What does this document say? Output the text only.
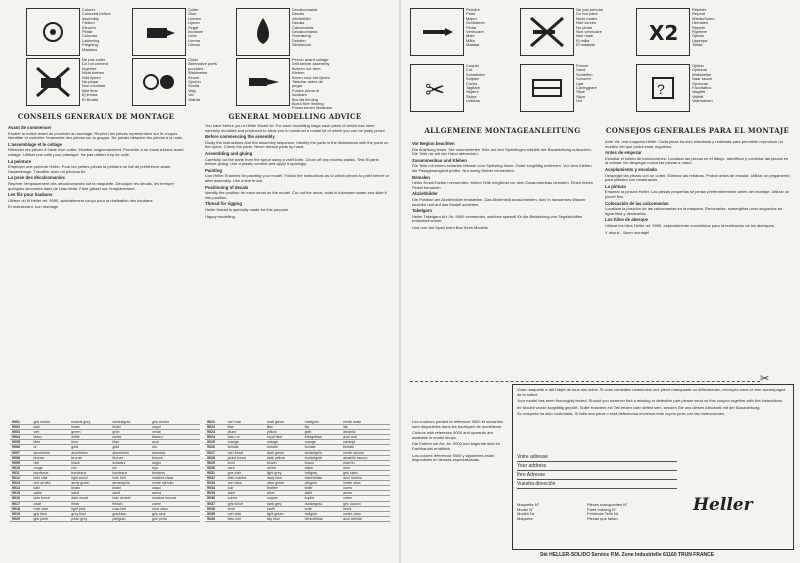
Colorer
Coloured before assembly
Färben
Kleuren
Pintar
Colorare
Lakkering
Färgning
Maalaus
Coller
Glue
Leimen
Lijmen
Pegar
Incollare
Lime
Limma
Liimaa
Decalcomanie
Decals
Abziehbild
Decals
Calcomania
Decalcomania
Overføring
Dekaler
Siirtokuvat
Ne pas coller
Do not cement together
Nicht kleben
Niet lijmen
No pegar
Non incollare
Ikke lime
Ej limma
Ei liimata
Choix
Alternative parts provided
Wahlweise
Keuze
Opción
Scelta
Valg
Val
Valinta
Percer avant collage
Drill before assembly
Bohren vor dem Kleben
Boren voor het lijmen
Taladrar antes de pegar
Forare prima di incollare
Bor før limning
Borra före limning
Poraa ennen liimausta
CONSEILS GENERAUX DE MONTAGE	GENERAL MODELLING ADVICE
Avant de commencer

Etudier la notice avant de procéder au montage. Repérer les pièces représentées sur le croquis. Identifier et contrôler l'ensemble des pièces sur la grappe. Ne jamais détacher les pièces à la main.

L'assemblage et le collage

Détacher les pièces à l'aide d'un cutter. Ebarber soigneusement. Procéder à un essai à blanc avant collage. Utiliser une colle pour plastique. Ne pas utiliser trop de colle.

La peinture

Employer une peinture Heller. Pour les petites pièces la peinture se fait de préférence avant l'assemblage. Travailler avec un pinceau fin.

La pose des décalcomanies

Repérer l'emplacement des décalcomanies sur la maquette. Découper les décals, les tremper quelques secondes dans de l'eau tiède. Faire glisser sur l'emplacement.

Les fils pour haubans

Utiliser du fil Heller ref. 9090, spécialement conçu pour la réalisation des haubans.

Et maintenant, bon montage

You have before you a Heller Model kit. For each modelling stage each piece of which has been carefully moulded and produced to allow you to construct a model kit of which you can be justly proud.

Before commencing the assembly

Study the instructions and the assembly sequence. Identify the parts in the illustrations with the parts on the sprue. Check the parts. Never detach parts by hand.

Assembling and gluing

Carefully cut the parts from the sprue using a craft knife. Clean off any excess plastic. Test fit parts before gluing. Use a plastic cement and apply it sparingly.

Painting

Use Heller Enamels for painting your model. Follow the instructions as to which pieces to paint before or after assembly. Use a fine brush.

Positioning of decals

Identify the position for each decal on the model. Cut out the decal, soak in lukewarm water and slide it into position.

Thread for rigging

Heller thread is specially made for this purpose.

Happy modelling

9001	gris neutre	neutral grey	neutralgrau	gris neutro
9002	kaki	khaki	khaki	caqui
9003	vert	green	grün	verde
9004	blanc	white	weiss	blanco
9005	bleu	blue	blau	azul
9006	or	gold	gold	oro
9007	aluminium	aluminium	aluminium	aluminio
9008	bronze	bronze	bronze	bronce
9009	noir	black	schwarz	negro
9010	rouge	red	rot	rojo
9011	bordeaux	bordeaux	bordeaux	burdeos
9012	bois clair	light wood	holz hell	madera clara
9013	vert armée	army green	armeegrün	verde ejército
9014	kaki	khaki	khaki	caqui
9015	sable	sand	sand	arena
9016	bois foncé	dark wood	holz dunkel	madera oscura
9017	chair	flesh	fleisch	carne
9018	rose clair	light pink	rosa hell	rosa claro
9019	gris bleu	grey blue	graublau	gris azul
9020	gris perle	pearl grey	perlgrau	gris perla
9021	vert mat	matt green	mattgrün	verde mate
9022	lilas	lilac	lila	lila
9023	jaune	yellow	gelb	amarillo
9024	bleu roi	royal blue	königsblau	azul real
9025	orange	orange	orange	naranja
9026	tomate	tomato	tomate	tomate
9027	vert foncé	dark green	dunkelgrün	verde oscuro
9028	jaune foncé	dark yellow	dunkelgelb	amarillo oscuro
9029	brun	brown	braun	marrón
9030	ocre	ochre	ocker	ocre
9031	gris clair	light grey	hellgrau	gris claro
9032	bleu marine	navy blue	marineblau	azul marino
9033	vert olive	olive green	olivgrün	verde oliva
9034	cuir	leather	leder	cuero
9035	acier	steel	stahl	acero
9036	cuivre	copper	kupfer	cobre
9037	gris foncé	dark grey	dunkelgrau	gris oscuro
9038	terre	earth	erde	tierra
9039	vert clair	light green	hellgrün	verde claro
9040	bleu ciel	sky blue	himmelblau	azul celeste
Peindre
Paint
Malen
Schilderen
Pintar
Verniciare
Male
Måla
Maalaa
Ne pas peindre
Do not paint
Nicht malen
Niet verven
No pintar
Non verniciare
Ikke male
Ej måla
Ei maalata	X2
Répéter
Repeat
Wiederholen
Herhalen
Repetir
Ripetere
Gjenta
Upprepa
Toista
✂
Couper
Cut
Schneiden
Snijden
Cortar
Tagliare
Skjære
Skära
Leikkaa
Poncer
Sand
Schleifen
Schuren
Lijar
Carteggiare
Slipe
Slipa
Hio
?
Option
Optional
Wahlweise
Naar keuze
Opcional
Facoltativo
Valgfritt
Valfritt
Valinnainen
ALLGEMEINE MONTAGEANLEITUNG	CONSEJOS GENERALES PARA EL MONTAJE
Vor Beginn beachten

Die Anleitung lesen. Die nummerierten Teile auf den Spritzlingen mithilfe der Bauanleitung aufsuchen. Die Teile nie mit der Hand abbrechen.

Zusammenbau und Kleben

Die Teile mit einem scharfen Messer vom Spritzling lösen. Grate sorgfältig entfernen. Vor dem Kleben die Passgenauigkeit prüfen. Nur wenig Kleber verwenden.

Bemalen

Heller Email-Farben verwenden. Kleine Teile möglichst vor dem Zusammenbau bemalen. Einen feinen Pinsel benutzen.

Abziehbilder

Die Position der Abziehbilder feststellen. Das Abziehbild ausschneiden, kurz in lauwarmes Wasser tauchen und auf das Modell schieben.

Takelgarn

Heller Takelgarn Art.-Nr. 9090 verwenden, welches speziell für die Betakelung von Segelschiffen entwickelt wurde.

Und nun viel Spaß beim Bau Ihres Modells

Ante Vd. una maqueta Heller. Cada pieza ha sido estudiada y realizada para permitirle reproducir un modelo del que podrá estar orgulloso.

Antes de empezar

Estudiar el folleto de instrucciones. Localizar las piezas en el dibujo. Identificar y controlar las piezas en la colada. No despegar nunca las piezas a mano.

Acoplamiento y encolado

Despegar las piezas con un cutter. Eliminar las rebabas. Probar antes de encolar. Utilizar un pegamento para plástico con moderación.

La pintura

Emplear la pintura Heller. Las piezas pequeñas se pintan preferentemente antes del montaje. Utilizar un pincel fino.

Colocación de las calcomanías

Localizar la posición de las calcomanías en la maqueta. Recortarlas, sumergirlas unos segundos en agua tibia y deslizarlas.

Los hilos de aberque

Utilizar los hilos Heller ref. 9090, especialmente concebidos para la realización de los aberques.

Y ahora... Buen montaje!

✂

Les couleurs portant la référence 9000 et suivantes sont disponibles dans les boutiques de modélisme.

Colours with reference 9000 and upwards are available in model shops.

Die Farben mit Art.-Nr. 9000 und folgende sind im Fachhandel erhältlich.

Los colores referencia 9000 y siguientes están disponibles en tiendas especializadas.

Votre maquette a fait l'objet de tous nos soins. Si vous constatez néanmoins une pièce manquante ou défectueuse, renvoyez-nous ce bon accompagné de la notice.

Your model has been thoroughly tested. Should you however find a missing or defective part please send us this coupon together with the instructions.

Ihr Modell wurde sorgfältig geprüft. Sollte trotzdem ein Teil fehlen oder defekt sein, senden Sie uns diesen Abschnitt mit der Bauanleitung.

Su maqueta ha sido controlada. Si falta una pieza o está defectuosa envíenos este cupón junto con las instrucciones.

Votre adresse
Your address
Ihre Adresse
Vuestra dirección
Maquette N°	Pièces manquantes N°
Model N°	Parts missing N°
Modell Nr.	Fehlende Teile Nr.
Maqueta	Piezas que faltan
Heller
Sté HELLER-SOLIDO Service P.M. Zone Industrielle 61160 TRUN FRANCE
